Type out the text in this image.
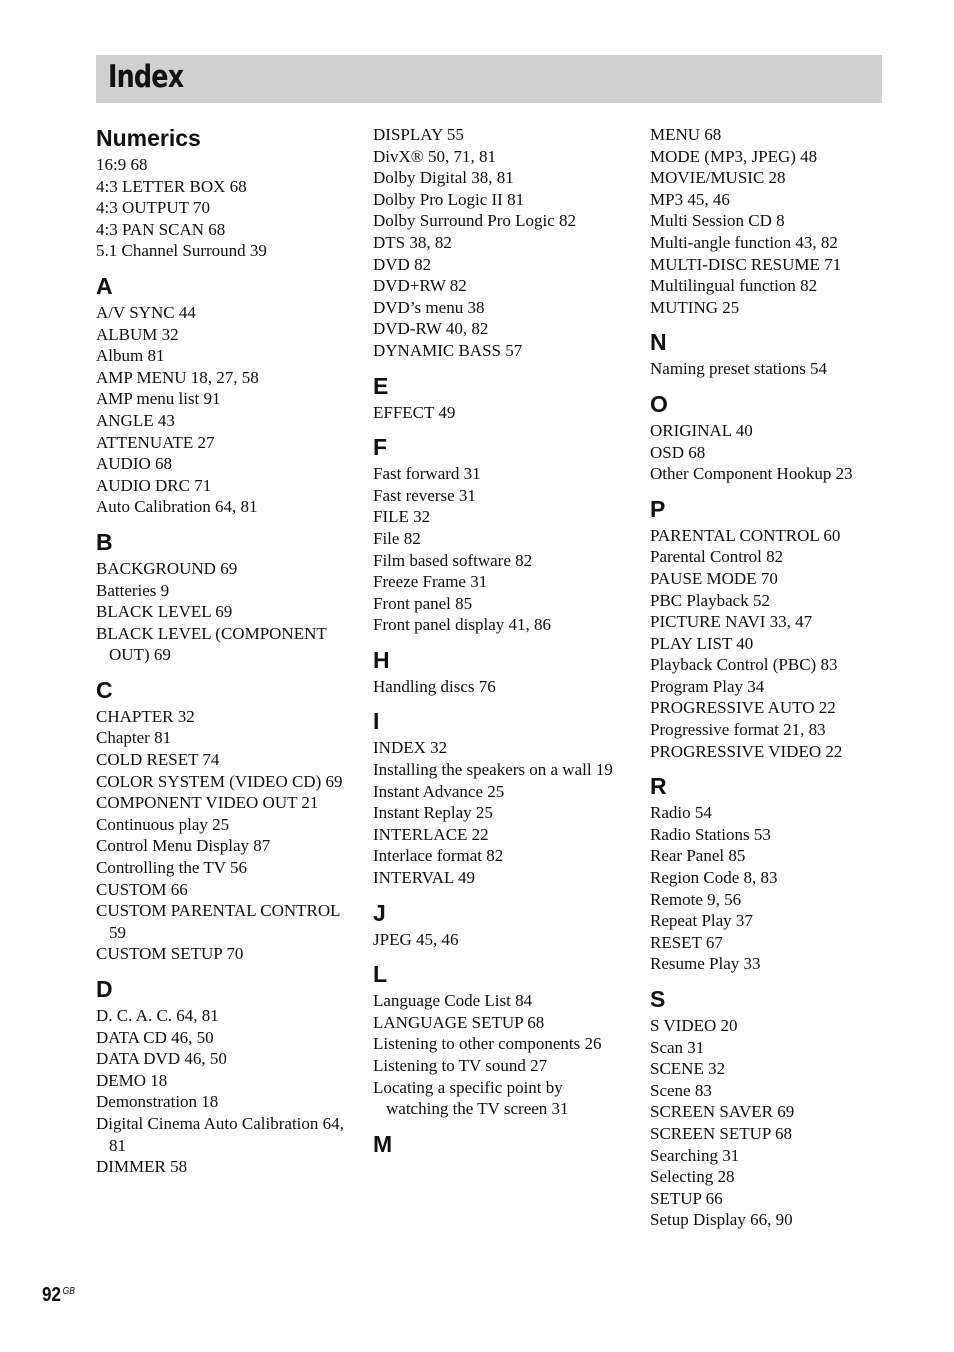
Index
Numerics
16:9 68
4:3 LETTER BOX 68
4:3 OUTPUT 70
4:3 PAN SCAN 68
5.1 Channel Surround 39
A
A/V SYNC 44
ALBUM 32
Album 81
AMP MENU 18, 27, 58
AMP menu list 91
ANGLE 43
ATTENUATE 27
AUDIO 68
AUDIO DRC 71
Auto Calibration 64, 81
B
BACKGROUND 69
Batteries 9
BLACK LEVEL 69
BLACK LEVEL (COMPONENT OUT) 69
C
CHAPTER 32
Chapter 81
COLD RESET 74
COLOR SYSTEM (VIDEO CD) 69
COMPONENT VIDEO OUT 21
Continuous play 25
Control Menu Display 87
Controlling the TV 56
CUSTOM 66
CUSTOM PARENTAL CONTROL 59
CUSTOM SETUP 70
D
D. C. A. C. 64, 81
DATA CD 46, 50
DATA DVD 46, 50
DEMO 18
Demonstration 18
Digital Cinema Auto Calibration 64, 81
DIMMER 58
DISPLAY 55
DivX® 50, 71, 81
Dolby Digital 38, 81
Dolby Pro Logic II 81
Dolby Surround Pro Logic 82
DTS 38, 82
DVD 82
DVD+RW 82
DVD’s menu 38
DVD-RW 40, 82
DYNAMIC BASS 57
E
EFFECT 49
F
Fast forward 31
Fast reverse 31
FILE 32
File 82
Film based software 82
Freeze Frame 31
Front panel 85
Front panel display 41, 86
H
Handling discs 76
I
INDEX 32
Installing the speakers on a wall 19
Instant Advance 25
Instant Replay 25
INTERLACE 22
Interlace format 82
INTERVAL 49
J
JPEG 45, 46
L
Language Code List 84
LANGUAGE SETUP 68
Listening to other components 26
Listening to TV sound 27
Locating a specific point by watching the TV screen 31
M
MENU 68
MODE (MP3, JPEG) 48
MOVIE/MUSIC 28
MP3 45, 46
Multi Session CD 8
Multi-angle function 43, 82
MULTI-DISC RESUME 71
Multilingual function 82
MUTING 25
N
Naming preset stations 54
O
ORIGINAL 40
OSD 68
Other Component Hookup 23
P
PARENTAL CONTROL 60
Parental Control 82
PAUSE MODE 70
PBC Playback 52
PICTURE NAVI 33, 47
PLAY LIST 40
Playback Control (PBC) 83
Program Play 34
PROGRESSIVE AUTO 22
Progressive format 21, 83
PROGRESSIVE VIDEO 22
R
Radio 54
Radio Stations 53
Rear Panel 85
Region Code 8, 83
Remote 9, 56
Repeat Play 37
RESET 67
Resume Play 33
S
S VIDEO 20
Scan 31
SCENE 32
Scene 83
SCREEN SAVER 69
SCREEN SETUP 68
Searching 31
Selecting 28
SETUP 66
Setup Display 66, 90
92 $^{GB}$
